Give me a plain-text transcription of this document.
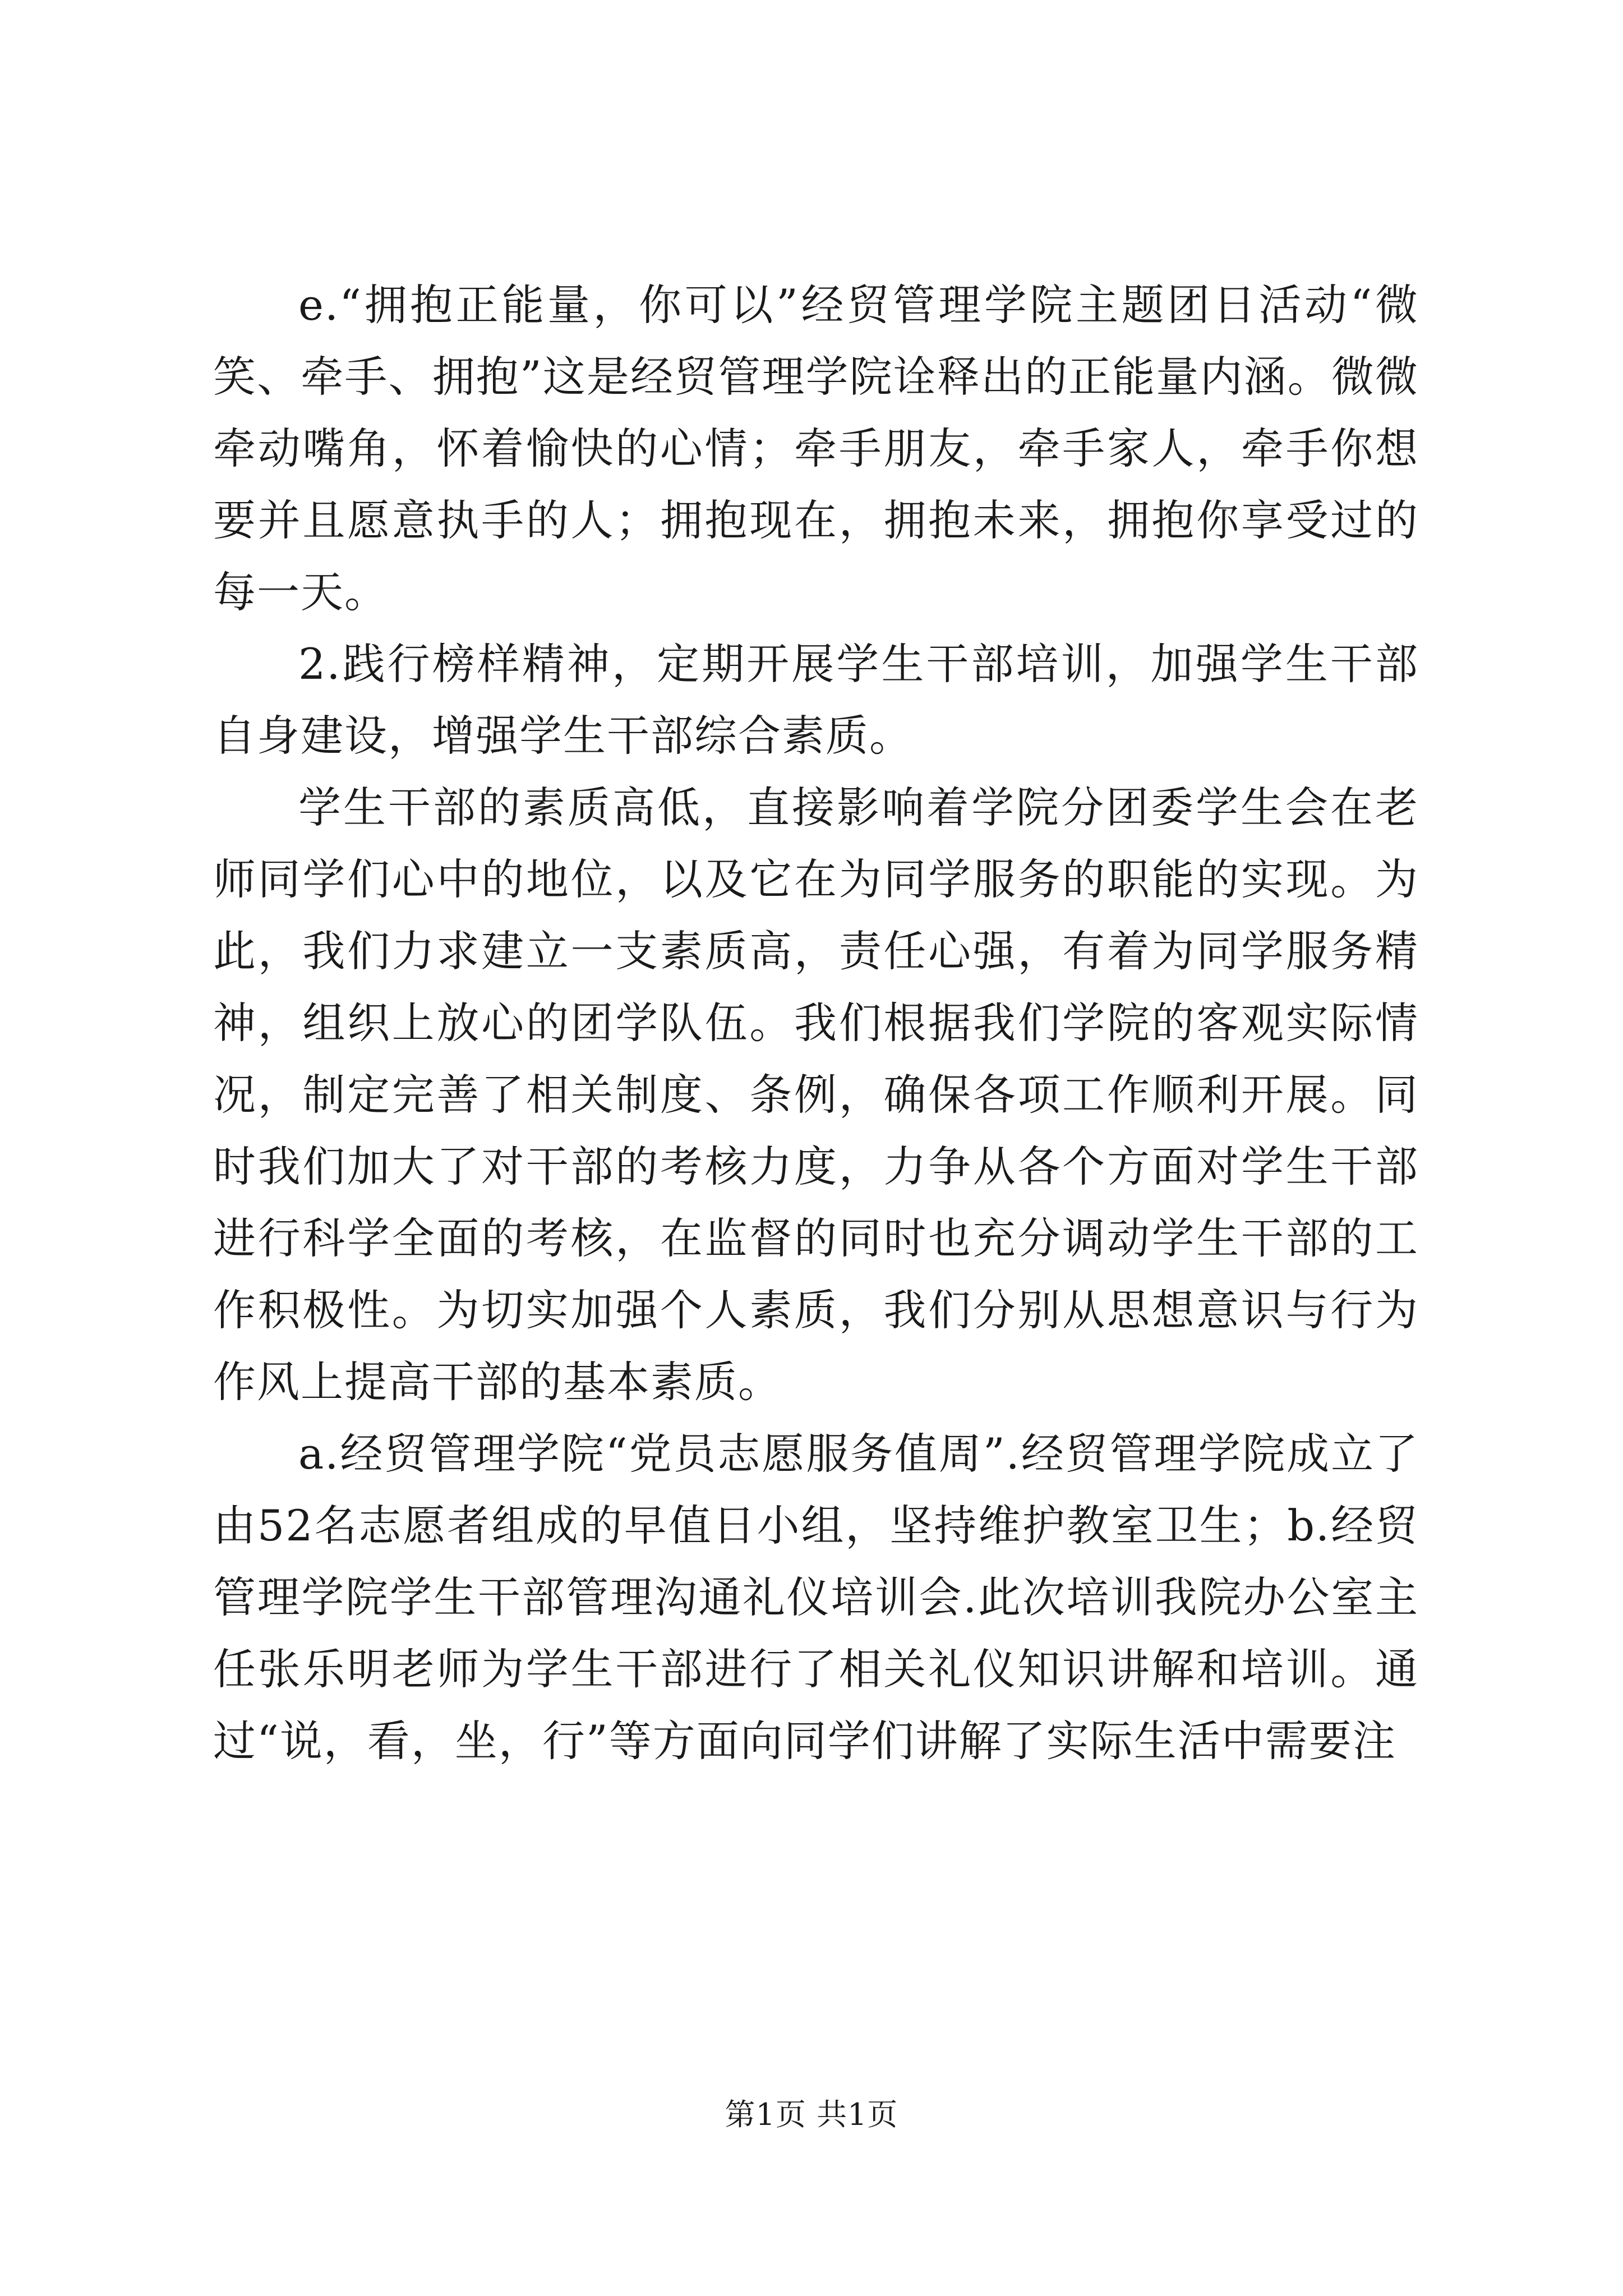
e.“拥抱正能量，你可以”经贸管理学院主题团日活动“微笑、牵手、拥抱”这是经贸管理学院诠释出的正能量内涵。微微牵动嘴角，怀着愉快的心情；牵手朋友，牵手家人，牵手你想要并且愿意执手的人；拥抱现在，拥抱未来，拥抱你享受过的每一天。

2.践行榜样精神，定期开展学生干部培训，加强学生干部自身建设，增强学生干部综合素质。

学生干部的素质高低，直接影响着学院分团委学生会在老师同学们心中的地位，以及它在为同学服务的职能的实现。为此，我们力求建立一支素质高，责任心强，有着为同学服务精神，组织上放心的团学队伍。我们根据我们学院的客观实际情况，制定完善了相关制度、条例，确保各项工作顺利开展。同时我们加大了对干部的考核力度，力争从各个方面对学生干部进行科学全面的考核，在监督的同时也充分调动学生干部的工作积极性。为切实加强个人素质，我们分别从思想意识与行为作风上提高干部的基本素质。

a.经贸管理学院“党员志愿服务值周”.经贸管理学院成立了由52名志愿者组成的早值日小组，坚持维护教室卫生；b.经贸管理学院学生干部管理沟通礼仪培训会.此次培训我院办公室主任张乐明老师为学生干部进行了相关礼仪知识讲解和培训。通过“说，看，坐，行”等方面向同学们讲解了实际生活中需要注

第1页 共1页
